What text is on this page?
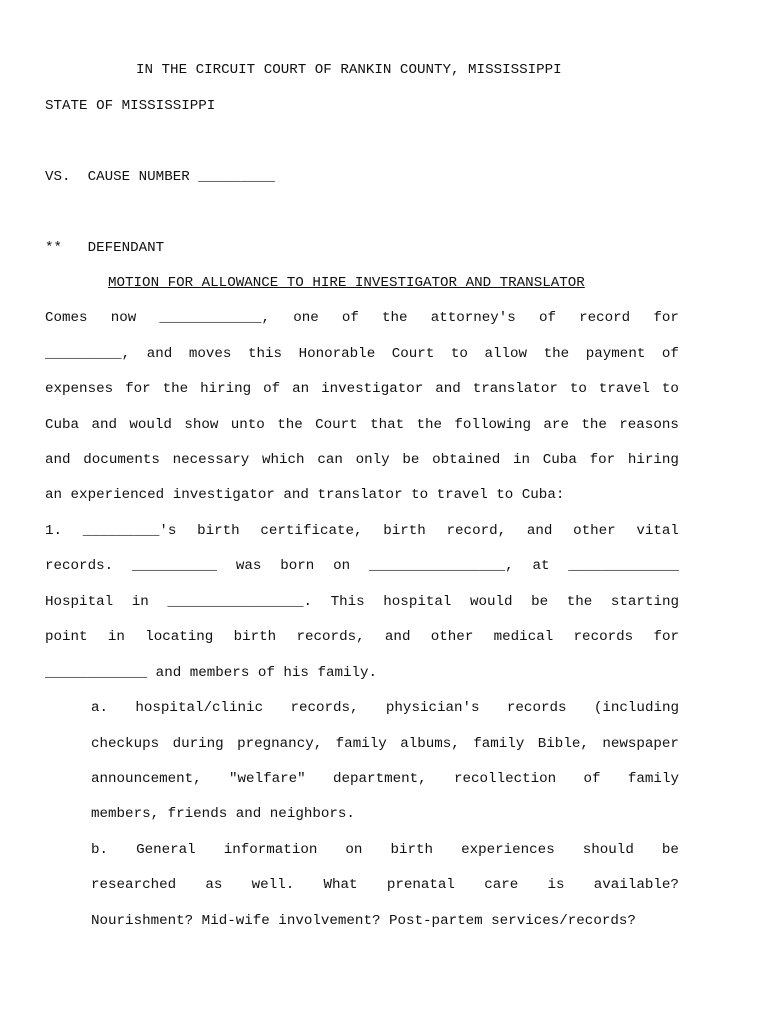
IN THE CIRCUIT COURT OF RANKIN COUNTY, MISSISSIPPI
STATE OF MISSISSIPPI
VS.  CAUSE NUMBER _________
**   DEFENDANT
MOTION FOR ALLOWANCE TO HIRE INVESTIGATOR AND TRANSLATOR
Comes now ____________, one of the attorney's of record for
_________, and moves this Honorable Court to allow the payment of
expenses for the hiring of an investigator and translator to travel to
Cuba and would show unto the Court that the following are the reasons
and documents necessary which can only be obtained in Cuba for hiring
an experienced investigator and translator to travel to Cuba:
1. _________'s birth certificate, birth record, and other vital
records. __________ was born on ________________, at _____________
Hospital in ________________. This hospital would be the starting
point in locating birth records, and other medical records for
____________ and members of his family.
a. hospital/clinic records, physician's records (including
checkups during pregnancy, family albums, family Bible, newspaper
announcement, "welfare" department, recollection of family
members, friends and neighbors.
b. General information on birth experiences should be
researched as well. What prenatal care is available?
Nourishment? Mid-wife involvement? Post-partem services/records?
